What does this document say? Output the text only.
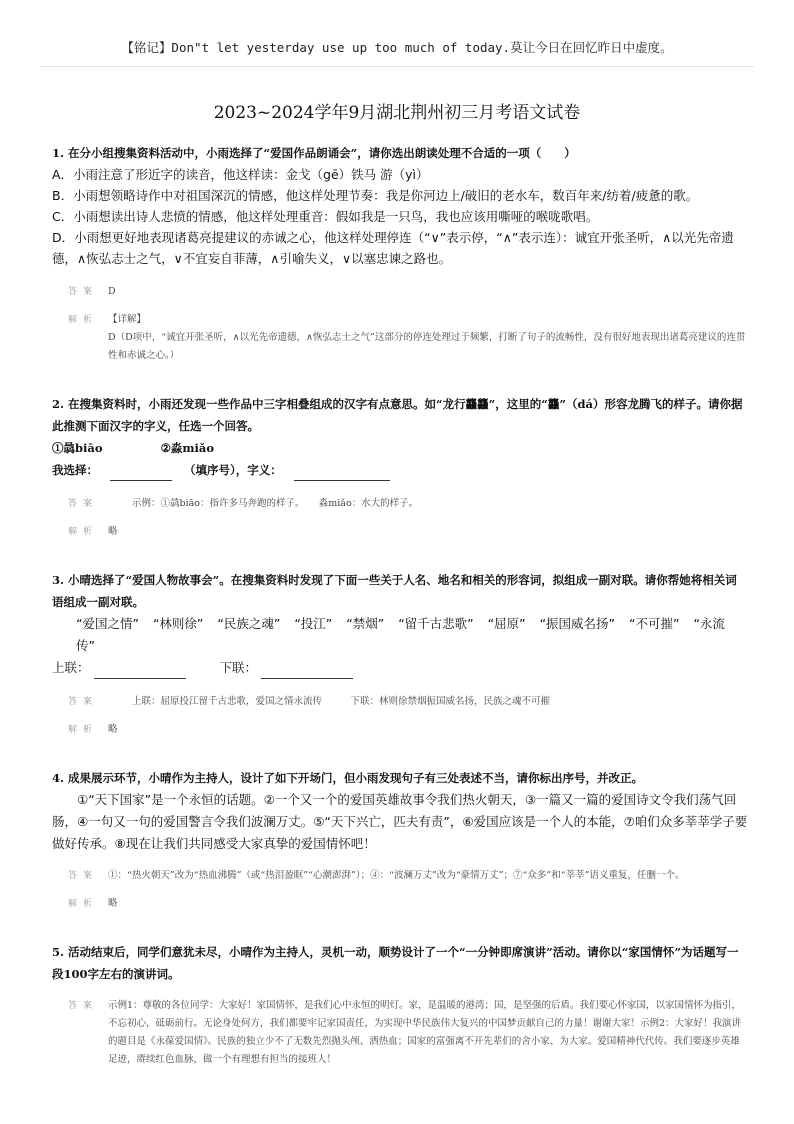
【铭记】Don"t let yesterday use up too much of today.莫让今日在回忆昨日中虚度。
2023~2024学年9月湖北荆州初三月考语文试卷
1. 在分小组搜集资料活动中，小雨选择了“爱国作品朗诵会”，请你选出朗读处理不合适的一项（　　）
A．小雨注意了形近字的读音，他这样读：金戈（gē）铁马 游（yì）
B．小雨想领略诗作中对祖国深沉的情感，他这样处理节奏：我是你河边上/破旧的老水车，数百年来/纺着/疲惫的歌。
C．小雨想读出诗人悲愤的情感，他这样处理重音：假如我是一只鸟，我也应该用嘶哑的喉咙歌唱。
D．小雨想更好地表现诸葛亮提建议的赤诚之心，他这样处理停连（“∨”表示停，“∧”表示连）：诚宜开张圣听，∧以光先帝遗德，∧恢弘志士之气，∨不宜妄自菲薄，∧引喻失义，∨以塞忠谏之路也。
答案	D
解析	【详解】
D（D项中，“诚宜开张圣听，∧以光先帝遗德，∧恢弘志士之气”这部分的停连处理过于频繁，打断了句子的流畅性，没有很好地表现出诸葛亮建议的连贯性和赤诚之心。）
2. 在搜集资料时，小雨还发现一些作品中三字相叠组成的汉字有点意思。如“龙行龘龘”，这里的“龘”（dá）形容龙腾飞的样子。请你据此推测下面汉字的字义，任选一个回答。
①骉biāo	②淼miǎo
我选择：	（填序号），字义：
答案	示例：①骉biāo：指许多马奔跑的样子。　　淼miǎo：水大的样子。
解析	略
3. 小晴选择了“爱国人物故事会”。在搜集资料时发现了下面一些关于人名、地名和相关的形容词，拟组成一副对联。请你帮她将相关词语组成一副对联。
“爱国之情” “林则徐” “民族之魂” “投江” “禁烟” “留千古悲歌” “屈原” “振国威名扬” “不可摧” “永流传”
上联：	下联：
答案	上联：屈原投江留千古悲歌，爱国之情永流传　　　下联：林则徐禁烟振国威名扬，民族之魂不可摧
解析	略
4. 成果展示环节，小晴作为主持人，设计了如下开场门，但小雨发现句子有三处表述不当，请你标出序号，并改正。
①“天下国家”是一个永恒的话题。②一个又一个的爱国英雄故事令我们热火朝天，③一篇又一篇的爱国诗文令我们荡气回肠，④一句又一句的爱国警言令我们波澜万丈。⑤“天下兴亡，匹夫有责”，⑥爱国应该是一个人的本能，⑦咱们众多莘莘学子要做好传承。⑧现在让我们共同感受大家真挚的爱国情怀吧！
答案	①：“热火朝天”改为“热血沸腾”（或“热泪盈眶”“心潮澎湃”）；④：“波澜万丈”改为“豪情万丈”；⑦“众多”和“莘莘”语义重复，任删一个。
解析	略
5. 活动结束后，同学们意犹未尽，小晴作为主持人，灵机一动，顺势设计了一个“一分钟即席演讲”活动。请你以“家国情怀”为话题写一段100字左右的演讲词。
答案	示例1：尊敬的各位同学：大家好！家国情怀，是我们心中永恒的明灯。家，是温暖的港湾；国，是坚强的后盾。我们要心怀家国，以家国情怀为指引，不忘初心，砥砺前行。无论身处何方，我们都要牢记家国责任，为实现中华民族伟大复兴的中国梦贡献自己的力量！谢谢大家！示例2：大家好！我演讲的题目是《永葆爱国情》。民族的独立少不了无数先烈抛头颅、洒热血；国家的富强离不开先辈们的舍小家、为大家。爱国精神代代传。我们要逐步英雄足迹，赓续红色血脉，做一个有理想有担当的接班人！
